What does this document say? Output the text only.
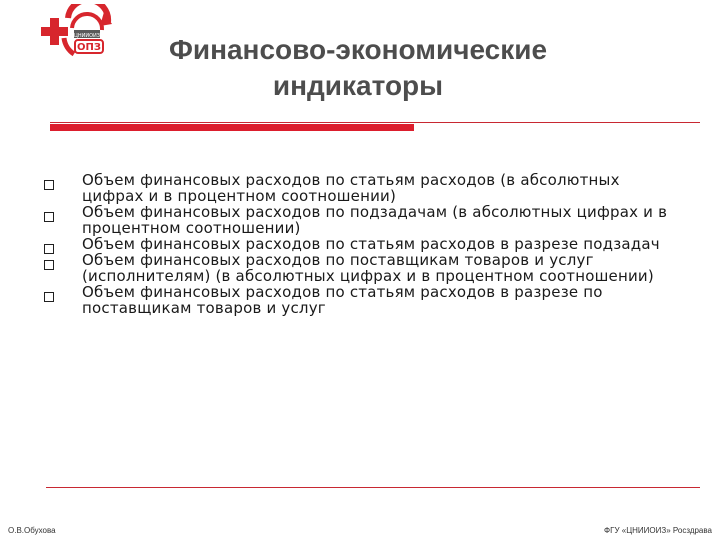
ЦНИИОИЗ
ОПЗ	Финансово-экономические
индикаторы
Объем финансовых расходов по статьям расходов (в абсолютных цифрах и в процентном соотношении)
Объем финансовых расходов по подзадачам (в абсолютных цифрах и в процентном соотношении)
Объем финансовых расходов по статьям расходов в разрезе подзадач
Объем финансовых расходов по поставщикам товаров и услуг (исполнителям) (в абсолютных цифрах и в процентном соотношении)
Объем финансовых расходов по статьям расходов в разрезе по поставщикам товаров и услуг
О.В.Обухова	ФГУ «ЦНИИОИЗ» Росздрава
